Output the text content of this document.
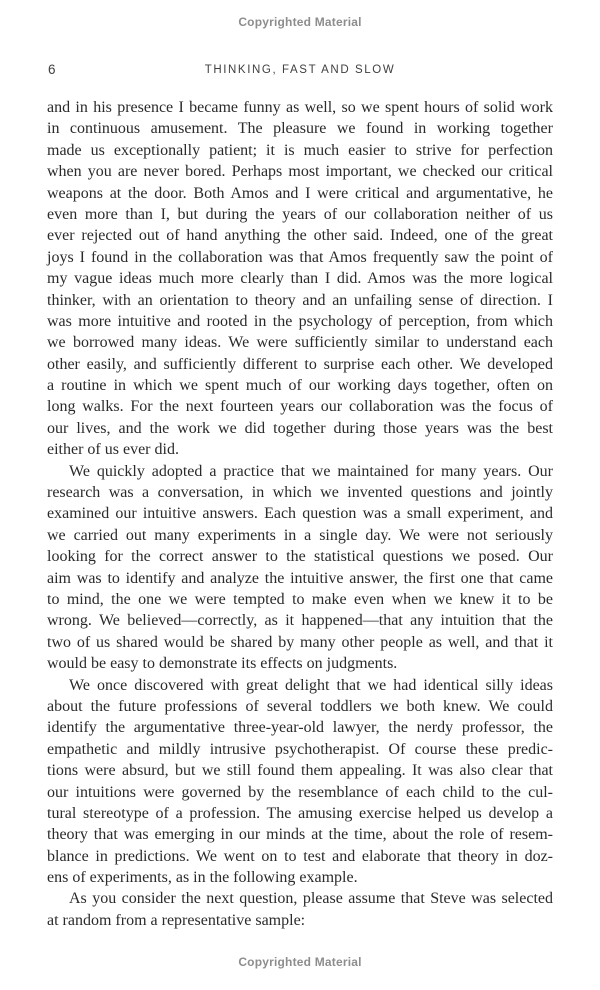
Copyrighted Material
6	THINKING, FAST AND SLOW
and in his presence I became funny as well, so we spent hours of solid work
in continuous amusement. The pleasure we found in working together
made us exceptionally patient; it is much easier to strive for perfection
when you are never bored. Perhaps most important, we checked our critical
weapons at the door. Both Amos and I were critical and argumentative, he
even more than I, but during the years of our collaboration neither of us
ever rejected out of hand anything the other said. Indeed, one of the great
joys I found in the collaboration was that Amos frequently saw the point of
my vague ideas much more clearly than I did. Amos was the more logical
thinker, with an orientation to theory and an unfailing sense of direction. I
was more intuitive and rooted in the psychology of perception, from which
we borrowed many ideas. We were sufficiently similar to understand each
other easily, and sufficiently different to surprise each other. We developed
a routine in which we spent much of our working days together, often on
long walks. For the next fourteen years our collaboration was the focus of
our lives, and the work we did together during those years was the best
either of us ever did.
We quickly adopted a practice that we maintained for many years. Our
research was a conversation, in which we invented questions and jointly
examined our intuitive answers. Each question was a small experiment, and
we carried out many experiments in a single day. We were not seriously
looking for the correct answer to the statistical questions we posed. Our
aim was to identify and analyze the intuitive answer, the first one that came
to mind, the one we were tempted to make even when we knew it to be
wrong. We believed—correctly, as it happened—that any intuition that the
two of us shared would be shared by many other people as well, and that it
would be easy to demonstrate its effects on judgments.
We once discovered with great delight that we had identical silly ideas
about the future professions of several toddlers we both knew. We could
identify the argumentative three-year-old lawyer, the nerdy professor, the
empathetic and mildly intrusive psychotherapist. Of course these predic-
tions were absurd, but we still found them appealing. It was also clear that
our intuitions were governed by the resemblance of each child to the cul-
tural stereotype of a profession. The amusing exercise helped us develop a
theory that was emerging in our minds at the time, about the role of resem-
blance in predictions. We went on to test and elaborate that theory in doz-
ens of experiments, as in the following example.
As you consider the next question, please assume that Steve was selected
at random from a representative sample:
Copyrighted Material
